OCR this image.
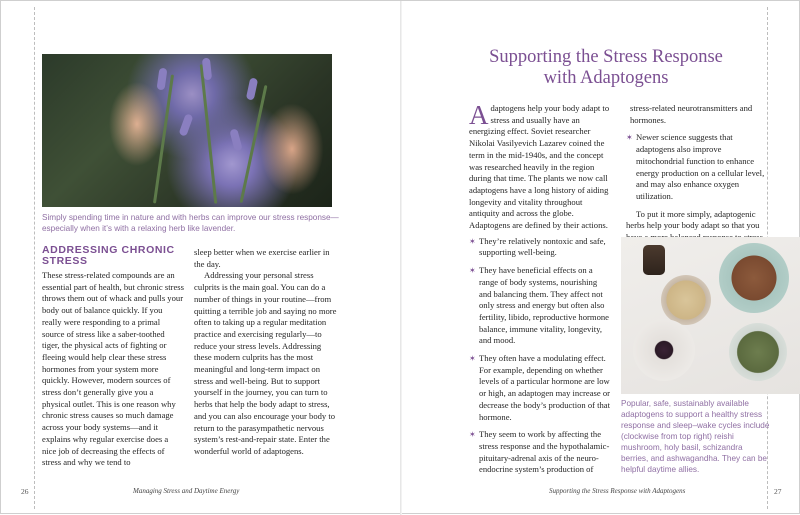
Simply spending time in nature and with herbs can improve our stress response—especially when it’s with a relaxing herb like lavender.
ADDRESSING CHRONIC STRESS

These stress-related compounds are an essential part of health, but chronic stress throws them out of whack and pulls your body out of balance quickly. If you really were responding to a primal source of stress like a saber-toothed tiger, the physical acts of fighting or fleeing would help clear these stress hormones from your system more quickly. However, modern sources of stress don’t generally give you a physical outlet. This is one reason why chronic stress causes so much damage across your body systems—and it explains why regular exercise does a nice job of decreasing the effects of stress and why we tend to

sleep better when we exercise earlier in the day.

Addressing your personal stress culprits is the main goal. You can do a number of things in your routine—from quitting a terrible job and saying no more often to taking up a regular meditation practice and exercising regularly—to reduce your stress levels. Addressing these modern culprits has the most meaningful and long-term impact on stress and well-being. But to support yourself in the journey, you can turn to herbs that help the body adapt to stress, and you can also encourage your body to return to the parasympathetic nervous system’s rest-and-repair state. Enter the wonderful world of adaptogens.

26	Managing Stress and Daytime Energy
Supporting the Stress Response with Adaptogens

Adaptogens help your body adapt to stress and usually have an energizing effect. Soviet researcher Nikolai Vasilyevich Lazarev coined the term in the mid-1940s, and the concept was researched heavily in the region during that time. The plants we now call adaptogens have a long history of aiding longevity and vitality throughout antiquity and across the globe. Adaptogens are defined by their actions.

✶ They’re relatively nontoxic and safe, supporting well-being.
✶ They have beneficial effects on a range of body systems, nourishing and balancing them. They affect not only stress and energy but often also fertility, libido, reproductive hormone balance, immune vitality, longevity, and mood.
✶ They often have a modulating effect. For example, depending on whether levels of a particular hormone are low or high, an adaptogen may increase or decrease the body’s production of that hormone.
✶ They seem to work by affecting the stress response and the hypothalamic-pituitary-adrenal axis of the neuro-endocrine system’s production of

stress-related neurotransmitters and hormones.

✶ Newer science suggests that adaptogens also improve mitochondrial function to enhance energy production on a cellular level, and may also enhance oxygen utilization.

To put it more simply, adaptogenic herbs help your body adapt so that you

Popular, safe, sustainably available adaptogens to support a healthy stress response and sleep–wake cycles include (clockwise from top right) reishi mushroom, holy basil, schizandra berries, and ashwagandha. They can be helpful daytime allies.
Supporting the Stress Response with Adaptogens	27
